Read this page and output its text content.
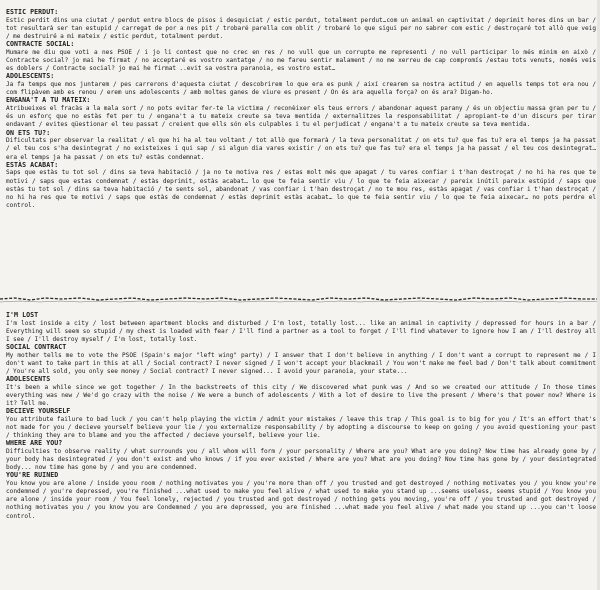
ESTIC PERDUT:
Estic perdit dins una ciutat / perdut entre blocs de pisos i desquiciat / estic perdut, totalment perdut…com un animal en captivitat / deprimit hores dins un bar / tot resultarà ser tan estupid / carregat de por a nes pit / trobaré parella com oblit / trobaré lo que sigui per no sabrer com estic / destroçaré tot allò que veig / me destruiré a mi mateix / estic perdut, totalment perdut.
CONTRACTE SOCIAL:
Mumare me diu que voti a nes PSOE / i jo li contest que no crec en res / no vull que un corrupte me representi / no vull participar lo més minim en això / Contracte social? jo mai he firmat / no acceptaré es vostro xantatge / no me fareu sentir malament / no me xerreu de cap compromís /estau tots venuts, només veis es doblers / Contracte social? jo mai he firmat ..evit sa vostra paranoia, es vostro estat…
ADOLESCENTS:
Ja fa temps que mos juntarem / pes carrerons d'aquesta ciutat / descobrirem lo que era es punk / així crearem sa nostra actitud / en aquells temps tot era nou / com flipàvem amb es renou / erem uns adolescents / amb moltes ganes de viure es present / On és ara aquella força? on és ara? Digam-ho.
ENGANA'T A TU MATEIX:
Atribueixes el fracàs a la mala sort / no pots evitar fer-te la victima / reconèixer els teus errors / abandonar aquest parany / és un objectiu massa gran per tu / és un esforç que no estàs fet per tu / engana't a tu mateix creute sa teva mentida / externalitzes la responsabilitat / apropiant-te d'un discurs per tirar endavant / evites qüestionar el teu passat / creient que ells són els culpables i tu el perjudicat / engana't a tu mateix creute sa teva mentida.
ON ETS TU?:
Dificultats per observar la realitat / el que hi ha al teu voltant / tot allò que formarà / la teva personalitat / on ets tu? que fas tu? era el temps ja ha passat / el teu cos s'ha desintegrat / no existeixes i qui sap / si algun dia vares existir / on ets tu? que fas tu? era el temps ja ha passat / el teu cos desintegrat… era el temps ja ha passat / on ets tu? estàs condemnat.
ESTÀS ACABAT:
Saps que estàs tu tot sol / dins sa teva habitació / ja no te motiva res / estas molt més que apagat / tu vares confiar i t'han destroçat / no hi ha res que te motivi / saps que estas condemnat / estàs deprimit, estàs acabat… lo que te feia sentir viu / lo que te feia aixecar / pareix inútil pareix estúpid / saps que estàs tu tot sol / dins sa teva habitació / te sents sol, abandonat / vas confiar i t'han destroçat / no te mou res, estàs apagat / vas confiar i t'han destroçat / no hi ha res que te motivi / saps que estàs de condemnat / estàs deprimit estàs acabat… lo que te feia sentir viu / lo que te feia aixecar… no pots perdre el control.
I'M LOST
I'm lost inside a city / lost between apartment blocks and disturbed / I'm lost, totally lost... like an animal in captivity / depressed for hours in a bar / Everything will seem so stupid / my chest is loaded with fear / I'll find a partner as a tool to forget / I'll find whatever to ignore how I am / I'll destroy all I see / I'll destroy myself / I'm lost, totally lost.
SOCIAL CONTRACT
My mother tells me to vote the PSOE (Spain's major "left wing" party) / I answer that I don't believe in anything / I don't want a corrupt to represent me / I don't want to take part in this at all / Social contract? I never signed / I won't accept your blackmail / You won't make me feel bad / Don't talk about commitment / You're all sold, you only see money / Social contract? I never signed... I avoid your paranoia, your state...
ADOLESCENTS
It's been a while since we got together / In the backstreets of this city / We discovered what punk was / And so we created our attitude / In those times everything was new / We'd go crazy with the noise / We were a bunch of adolescents / With a lot of desire to live the present / Where's that power now? Where is it? Tell me.
DECIEVE YOURSELF
You attribute failure to bad luck / you can't help playing the victim / admit your mistakes / leave this trap / This goal is to big for you / It's an effort that's not made for you / decieve yourself believe your lie / you externalize responsability / by adopting a discourse to keep on going / you avoid questioning your past / thinking they are to blame and you the affected / decieve yourself, believe your lie.
WHERE ARE YOU?
Difficulties to observe reality / what surrounds you / all whom will form / your personality / Where are you? What are you doing? Now time has already gone by / your body has desintegrated / you don't exist and who knows / if you ever existed / Where are you? What are you doing? Now time has gone by / your desintegrated body... now time has gone by / and you are condemned.
YOU'RE RUINED
You know you are alone / inside yoou room / nothing motivates you / you're more than off / you trusted and got destroyed / nothing motivates you / you know you're condemned / you're depressed, you're finished ...what used to make you feel alive / what used to make you stand up ...seems useless, seems stupid / You know you are alone / inside your room / You feel lonely, rejected / you trusted and got destroyed / nothing gets you moving, you're off / you trusted and got destroyed / nothing motivates you / you know you are Condemned / you are depressed, you are finished ...what made you feel alive / what made you stand up ...you can't loose control.
